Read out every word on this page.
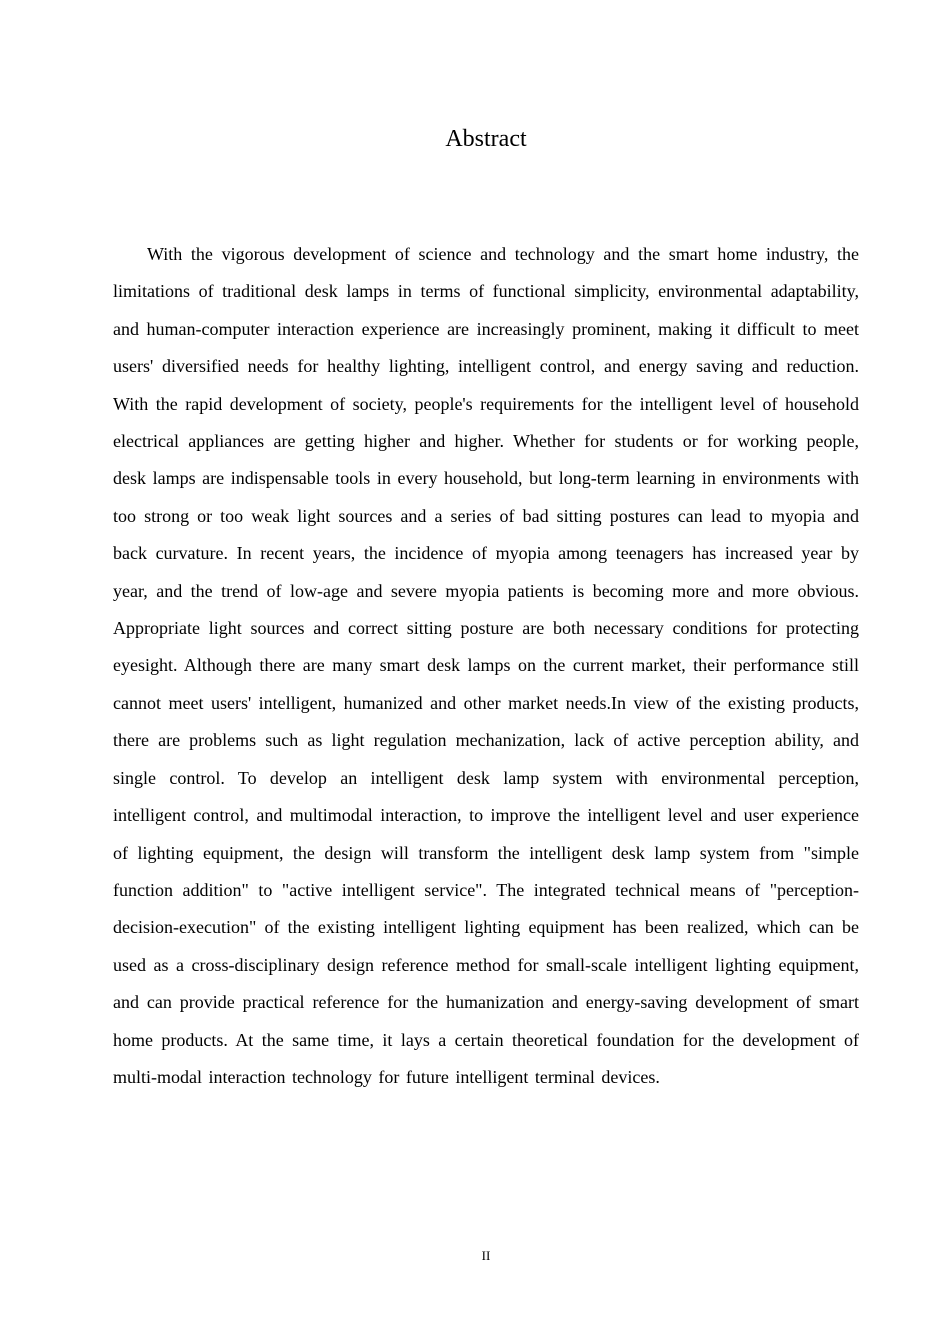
Abstract

With the vigorous development of science and technology and the smart home industry, the limitations of traditional desk lamps in terms of functional simplicity, environmental adaptability, and human-computer interaction experience are increasingly prominent, making it difficult to meet users' diversified needs for healthy lighting, intelligent control, and energy saving and reduction. With the rapid development of society, people's requirements for the intelligent level of household electrical appliances are getting higher and higher. Whether for students or for working people, desk lamps are indispensable tools in every household, but long-term learning in environments with too strong or too weak light sources and a series of bad sitting postures can lead to myopia and back curvature. In recent years, the incidence of myopia among teenagers has increased year by year, and the trend of low-age and severe myopia patients is becoming more and more obvious. Appropriate light sources and correct sitting posture are both necessary conditions for protecting eyesight. Although there are many smart desk lamps on the current market, their performance still cannot meet users' intelligent, humanized and other market needs.In view of the existing products, there are problems such as light regulation mechanization, lack of active perception ability, and single control. To develop an intelligent desk lamp system with environmental perception, intelligent control, and multimodal interaction, to improve the intelligent level and user experience of lighting equipment, the design will transform the intelligent desk lamp system from "simple function addition" to "active intelligent service". The integrated technical means of "perception-decision-execution" of the existing intelligent lighting equipment has been realized, which can be used as a cross-disciplinary design reference method for small-scale intelligent lighting equipment, and can provide practical reference for the humanization and energy-saving development of smart home products. At the same time, it lays a certain theoretical foundation for the development of multi-modal interaction technology for future intelligent terminal devices.

II
